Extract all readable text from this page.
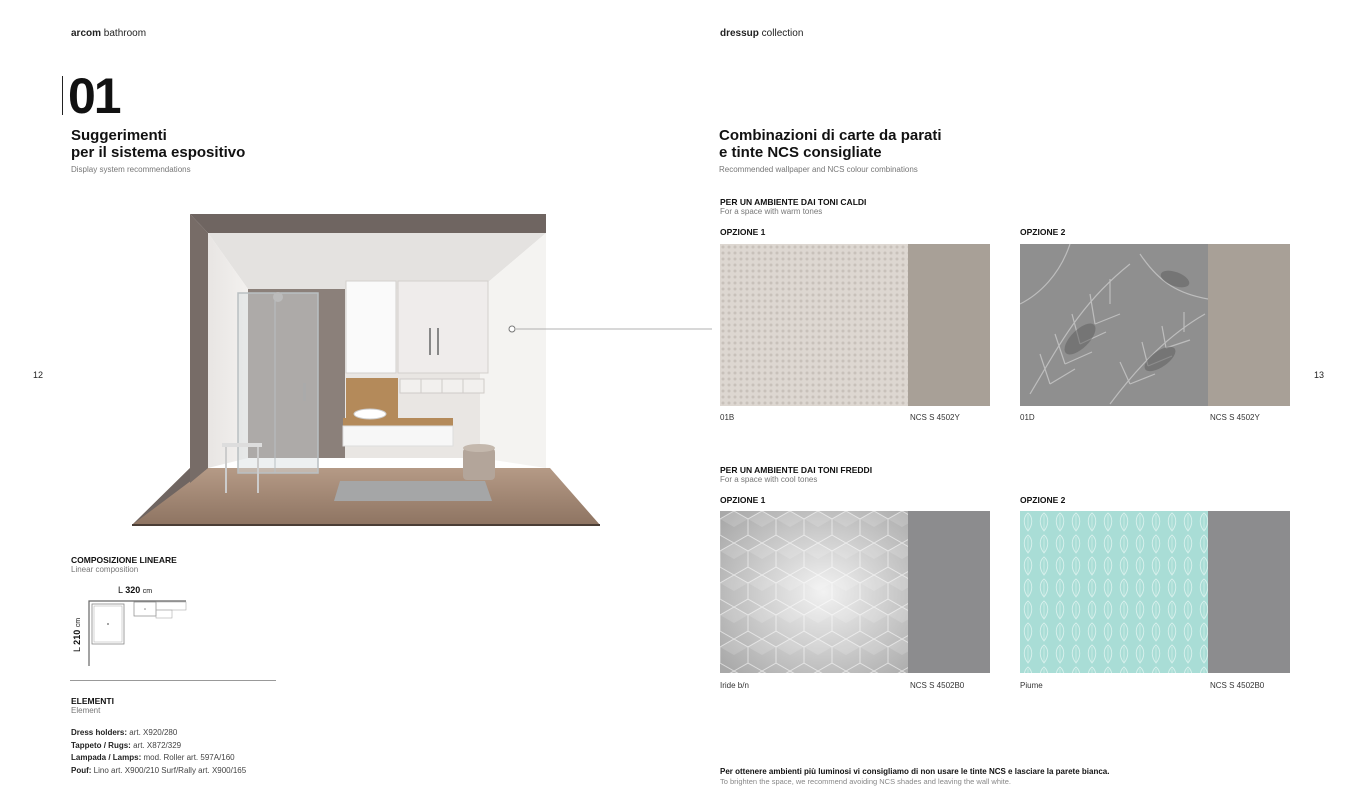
arcom bathroom	dressup collection
12	13
01
Suggerimenti
per il sistema espositivo
Display system recommendations
COMPOSIZIONE LINEARE
Linear composition
L 320 cm
L 210 cm
ELEMENTI
Element
Dress holders: art. X920/280
Tappeto / Rugs: art. X872/329
Lampada / Lamps: mod. Roller art. 597A/160
Pouf: Lino art. X900/210 Surf/Rally art. X900/165
Combinazioni di carte da parati
e tinte NCS consigliate
Recommended wallpaper and NCS colour combinations
PER UN AMBIENTE DAI TONI CALDI
For a space with warm tones
OPZIONE 1
01B	NCS S 4502Y
OPZIONE 2
01D	NCS S 4502Y
PER UN AMBIENTE DAI TONI FREDDI
For a space with cool tones
OPZIONE 1
Iride b/n	NCS S 4502B0
OPZIONE 2
Piume	NCS S 4502B0
Per ottenere ambienti più luminosi vi consigliamo di non usare le tinte NCS e lasciare la parete bianca.
To brighten the space, we recommend avoiding NCS shades and leaving the wall white.
